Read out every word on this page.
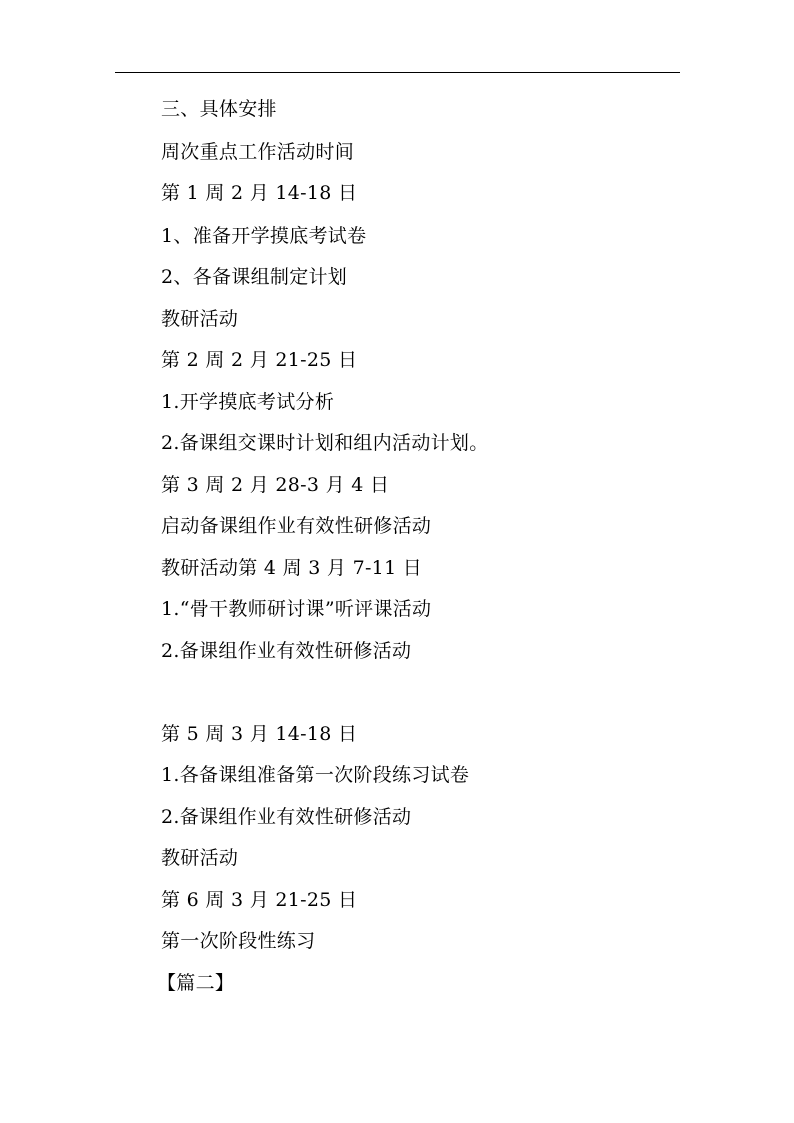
三、具体安排
周次重点工作活动时间
第 1 周 2 月 14-18 日
1、准备开学摸底考试卷
2、各备课组制定计划
教研活动
第 2 周 2 月 21-25 日
1.开学摸底考试分析
2.备课组交课时计划和组内活动计划。
第 3 周 2 月 28-3 月 4 日
启动备课组作业有效性研修活动
教研活动第 4 周 3 月 7-11 日
1.“骨干教师研讨课”听评课活动
2.备课组作业有效性研修活动
第 5 周 3 月 14-18 日
1.各备课组准备第一次阶段练习试卷
2.备课组作业有效性研修活动
教研活动
第 6 周 3 月 21-25 日
第一次阶段性练习
【篇二】
